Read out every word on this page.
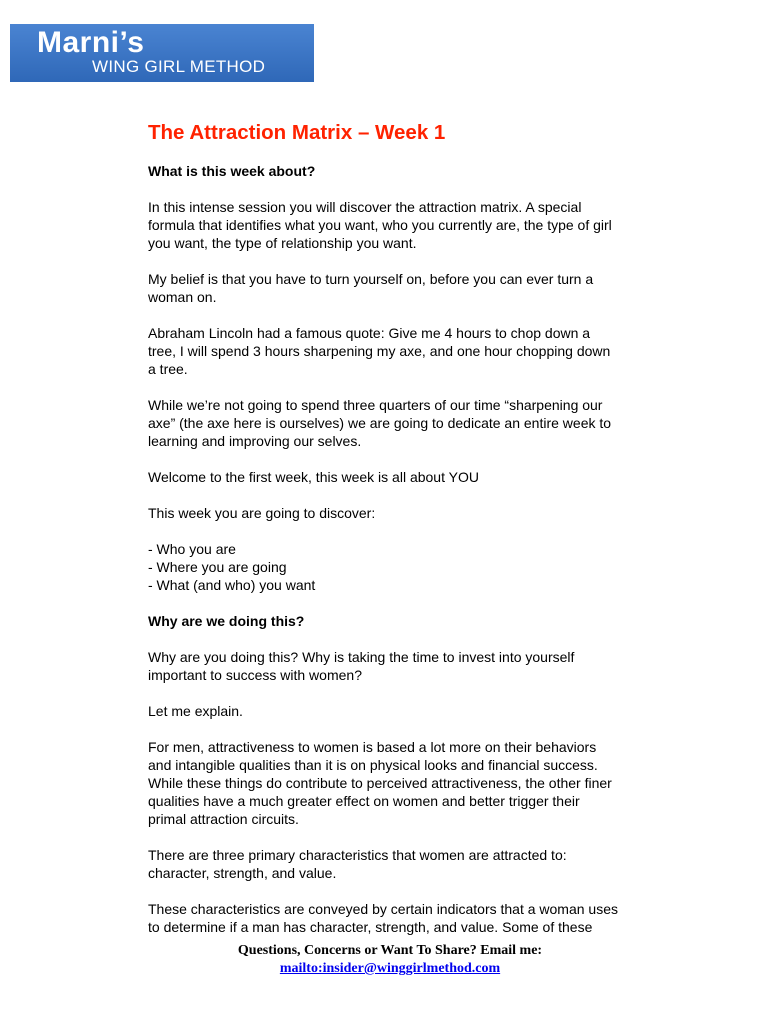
Marni’s
WING GIRL METHOD
The Attraction Matrix – Week 1

What is this week about?

In this intense session you will discover the attraction matrix. A special
formula that identifies what you want, who you currently are, the type of girl
you want, the type of relationship you want.
My belief is that you have to turn yourself on, before you can ever turn a
woman on.
Abraham Lincoln had a famous quote: Give me 4 hours to chop down a
tree, I will spend 3 hours sharpening my axe, and one hour chopping down
a tree.
While we’re not going to spend three quarters of our time “sharpening our
axe” (the axe here is ourselves) we are going to dedicate an entire week to
learning and improving our selves.

Welcome to the first week, this week is all about YOU

This week you are going to discover:

- Who you are
- Where you are going
- What (and who) you want

Why are we doing this?

Why are you doing this? Why is taking the time to invest into yourself
important to success with women?

Let me explain.

For men, attractiveness to women is based a lot more on their behaviors
and intangible qualities than it is on physical looks and financial success.
While these things do contribute to perceived attractiveness, the other finer
qualities have a much greater effect on women and better trigger their
primal attraction circuits.
There are three primary characteristics that women are attracted to:
character, strength, and value.
These characteristics are conveyed by certain indicators that a woman uses
to determine if a man has character, strength, and value. Some of these
Questions, Concerns or Want To Share? Email me:
mailto:insider@winggirlmethod.com
